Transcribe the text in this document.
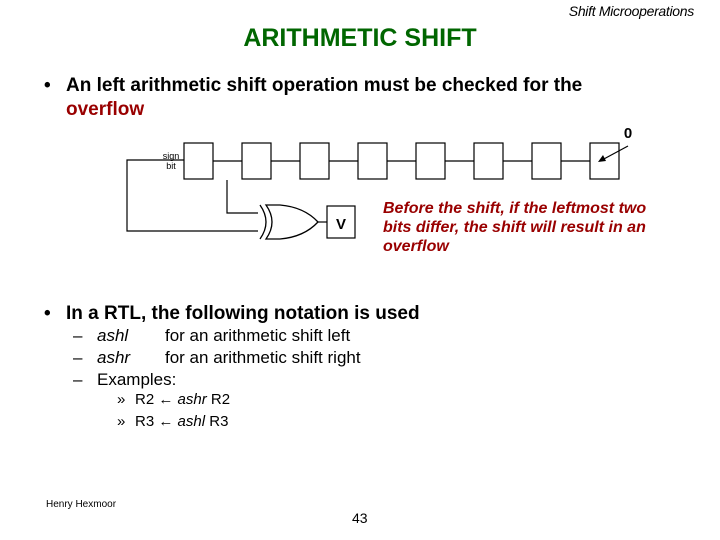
Shift Microoperations
ARITHMETIC SHIFT
• An left arithmetic shift operation must be checked for the
overflow
0
sign
bit
V
Before the shift, if the leftmost two
bits differ, the shift will result in an
overflow
• In a RTL, the following notation is used
– ashl for an arithmetic shift left
– ashr for an arithmetic shift right
– Examples:
» R2 ← ashr R2
» R3 ← ashl R3
Henry Hexmoor
43
